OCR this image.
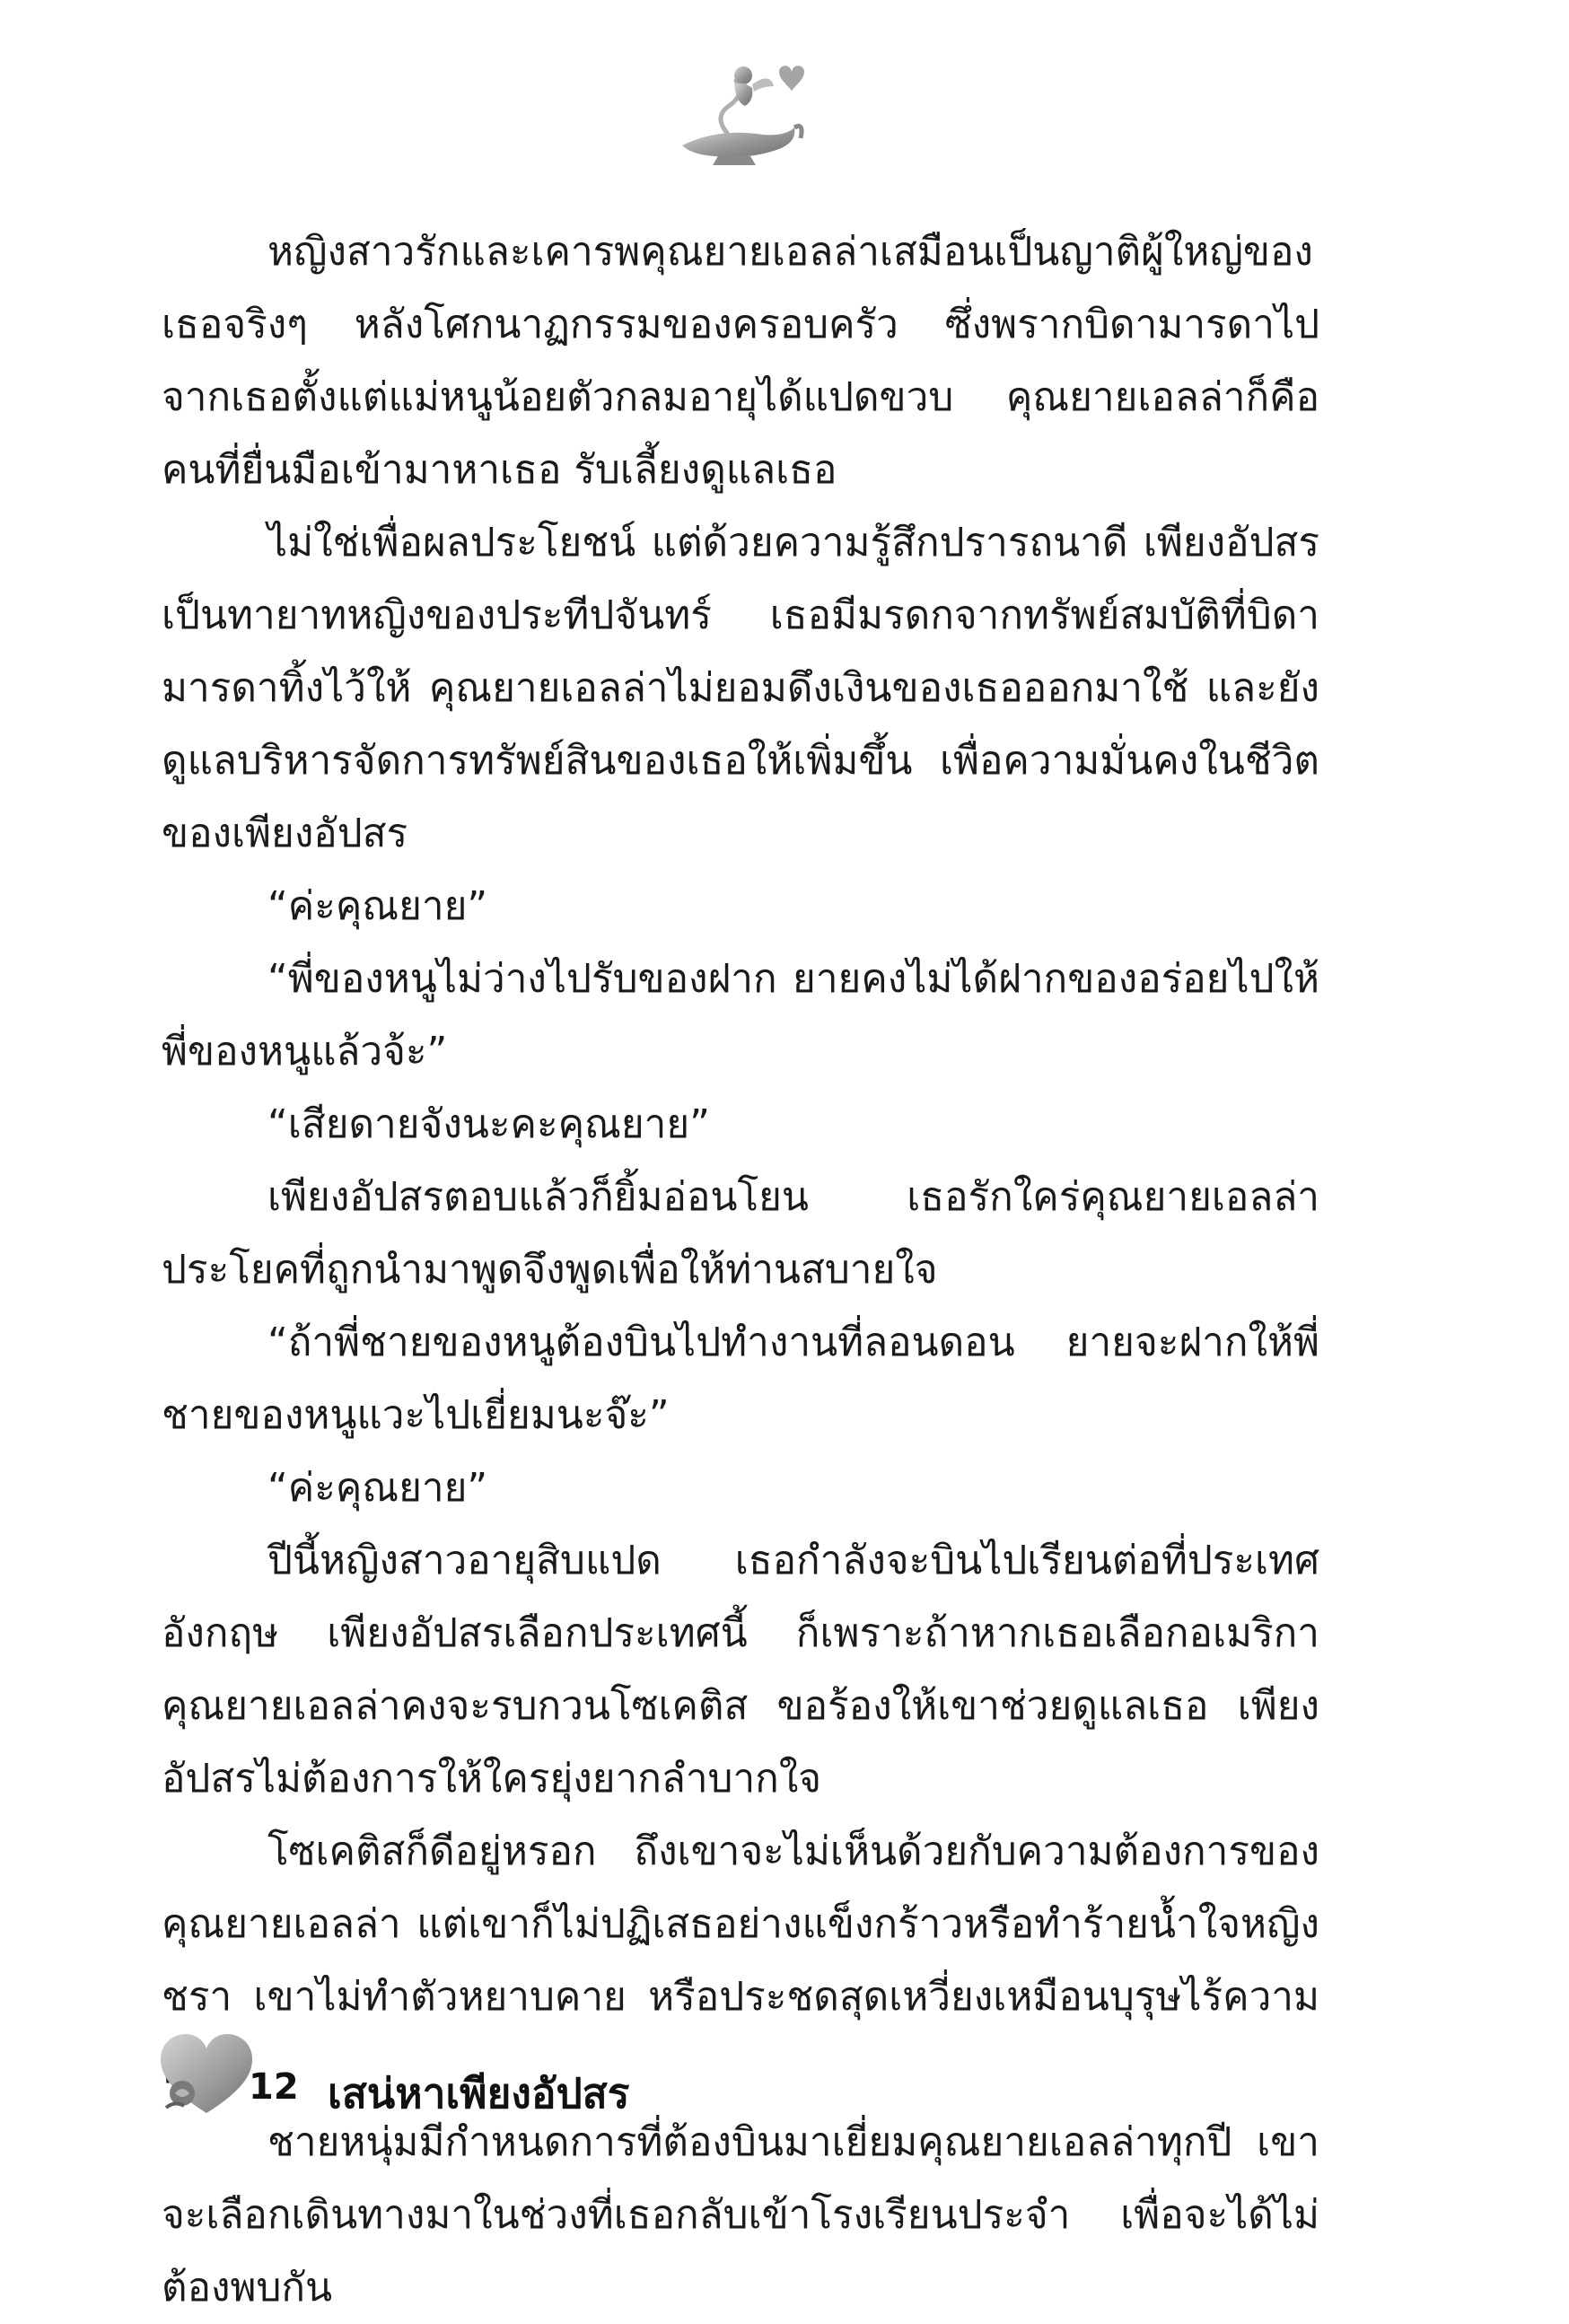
หญิงสาวรักและเคารพคุณยายเอลล่าเสมือนเป็นญาติผู้ใหญ่ของเธอจริงๆ หลังโศกนาฏกรรมของครอบครัว ซึ่งพรากบิดามารดาไปจากเธอตั้งแต่แม่หนูน้อยตัวกลมอายุได้แปดขวบ คุณยายเอลล่าก็คือคนที่ยื่นมือเข้ามาหาเธอ รับเลี้ยงดูแลเธอ

ไม่ใช่เพื่อผลประโยชน์ แต่ด้วยความรู้สึกปรารถนาดี เพียงอัปสรเป็นทายาทหญิงของประทีปจันทร์ เธอมีมรดกจากทรัพย์สมบัติที่บิดามารดาทิ้งไว้ให้ คุณยายเอลล่าไม่ยอมดึงเงินของเธอออกมาใช้ และยังดูแลบริหารจัดการทรัพย์สินของเธอให้เพิ่มขึ้น เพื่อความมั่นคงในชีวิตของเพียงอัปสร

“ค่ะคุณยาย”

“พี่ของหนูไม่ว่างไปรับของฝาก ยายคงไม่ได้ฝากของอร่อยไปให้พี่ของหนูแล้วจ้ะ”

“เสียดายจังนะคะคุณยาย”

เพียงอัปสรตอบแล้วก็ยิ้มอ่อนโยน เธอรักใคร่คุณยายเอลล่า ประโยคที่ถูกนำมาพูดจึงพูดเพื่อให้ท่านสบายใจ

“ถ้าพี่ชายของหนูต้องบินไปทำงานที่ลอนดอน ยายจะฝากให้พี่ชายของหนูแวะไปเยี่ยมนะจ๊ะ”

“ค่ะคุณยาย”

ปีนี้หญิงสาวอายุสิบแปด เธอกำลังจะบินไปเรียนต่อที่ประเทศอังกฤษ เพียงอัปสรเลือกประเทศนี้ ก็เพราะถ้าหากเธอเลือกอเมริกา คุณยายเอลล่าคงจะรบกวนโซเคติส ขอร้องให้เขาช่วยดูแลเธอ เพียงอัปสรไม่ต้องการให้ใครยุ่งยากลำบากใจ

โซเคติสก็ดีอยู่หรอก ถึงเขาจะไม่เห็นด้วยกับความต้องการของคุณยายเอลล่า แต่เขาก็ไม่ปฏิเสธอย่างแข็งกร้าวหรือทำร้ายน้ำใจหญิงชรา เขาไม่ทำตัวหยาบคาย หรือประชดสุดเหวี่ยงเหมือนบุรุษไร้ความ

ชายหนุ่มมีกำหนดการที่ต้องบินมาเยี่ยมคุณยายเอลล่าทุกปี เขาจะเลือกเดินทางมาในช่วงที่เธอกลับเข้าโรงเรียนประจำ เพื่อจะได้ไม่ต้องพบกัน

12 เสน่หาเพียงอัปสร
